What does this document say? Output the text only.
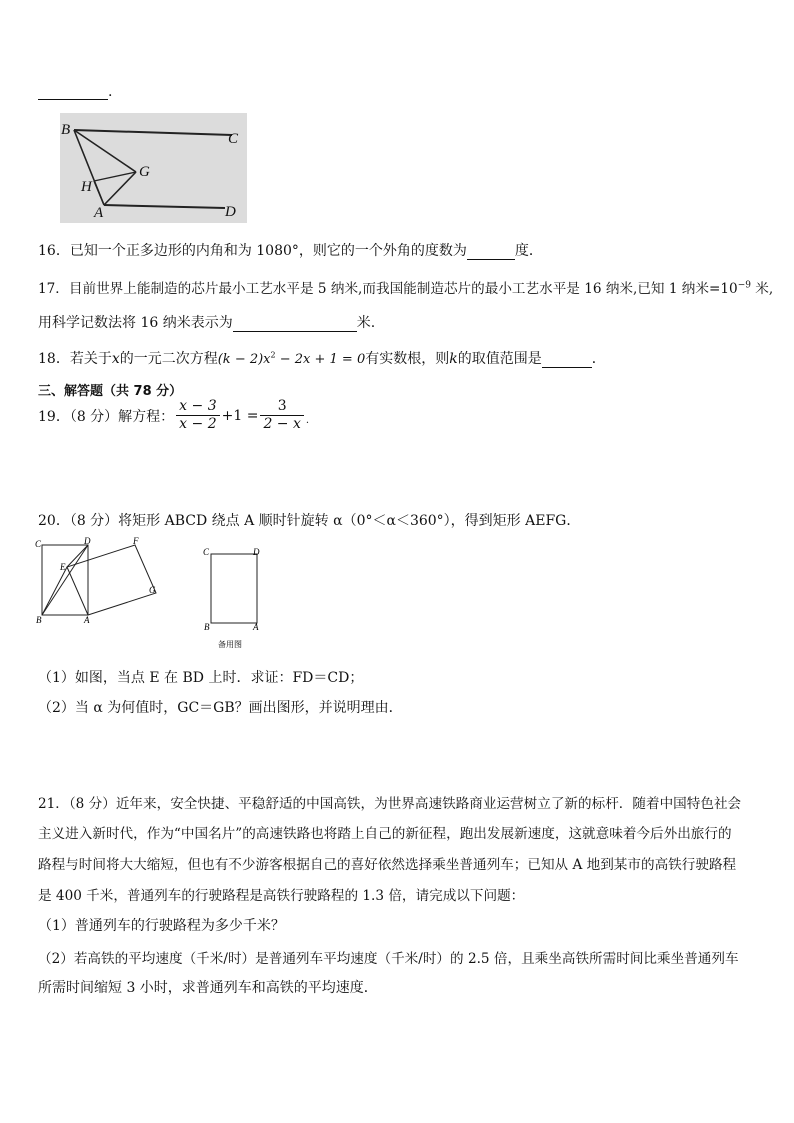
.
B
C
G
H
A	D
16．已知一个正多边形的内角和为 1080°，则它的一个外角的度数为	度．
17．目前世界上能制造的芯片最小工艺水平是 5 纳米,而我国能制造芯片的最小工艺水平是 16 纳米,已知 1 纳米$=10^{-9}$ 米,
用科学记数法将 16 纳米表示为	米.
18．若关于x的一元二次方程$(k - 2)x^2 - 2x + 1 = 0$有实数根，则k的取值范围是	．
三、解答题（共 78 分）
19．（8 分）解方程： $\frac{x - 3}{x - 2} +1 = \frac{3}{2 - x}$ .
20．（8 分）将矩形 ABCD 绕点 A 顺时针旋转 α（0°＜α＜360°），得到矩形 AEFG．
C	D	F
E
G
B	A
C	D
B	A
备用图
（1）如图，当点 E 在 BD 上时．求证：FD＝CD；
（2）当 α 为何值时，GC＝GB？画出图形，并说明理由．
21．（8 分）近年来，安全快捷、平稳舒适的中国高铁，为世界高速铁路商业运营树立了新的标杆．随着中国特色社会
主义进入新时代，作为“中国名片”的高速铁路也将踏上自己的新征程，跑出发展新速度，这就意味着今后外出旅行的
路程与时间将大大缩短，但也有不少游客根据自己的喜好依然选择乘坐普通列车；已知从 A 地到某市的高铁行驶路程
是 400 千米，普通列车的行驶路程是高铁行驶路程的 1.3 倍，请完成以下问题：
（1）普通列车的行驶路程为多少千米？
（2）若高铁的平均速度（千米/时）是普通列车平均速度（千米/时）的 2.5 倍，且乘坐高铁所需时间比乘坐普通列车
所需时间缩短 3 小时，求普通列车和高铁的平均速度．
